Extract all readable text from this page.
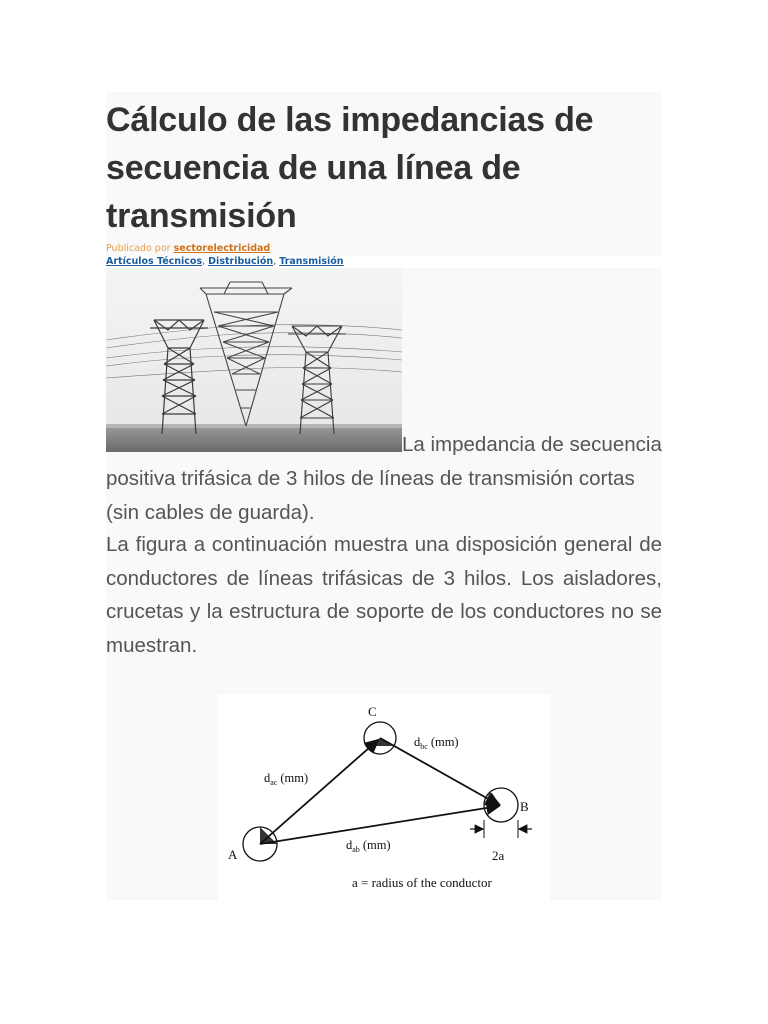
Cálculo de las impedancias de secuencia de una línea de transmisión
Publicado por sectorelectricidad
Artículos Técnicos, Distribución, Transmisión

La impedancia de secuencia positiva trifásica de 3 hilos de líneas de transmisión cortas (sin cables de guarda).

La figura a continuación muestra una disposición general de conductores de líneas trifásicas de 3 hilos. Los aisladores, crucetas y la estructura de soporte de los conductores no se muestran.

C
B
A
$d_{ac}$ (mm)
$d_{bc}$ (mm)
$d_{ab}$ (mm)
2a
a = radius of the conductor
